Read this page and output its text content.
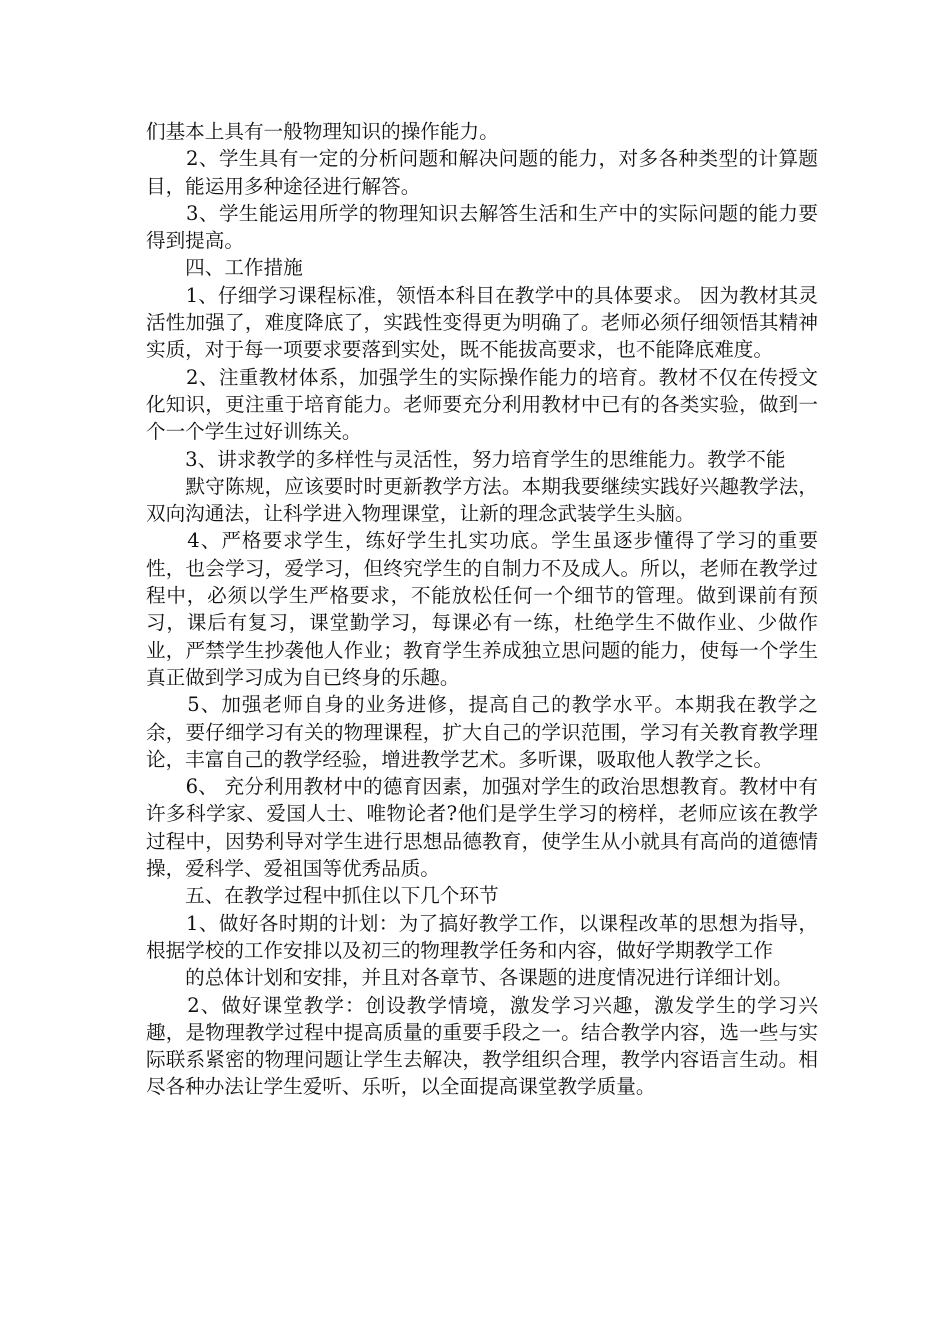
们基本上具有一般物理知识的操作能力。

　　2、学生具有一定的分析问题和解决问题的能力，对多各种类型的计算题目，能运用多种途径进行解答。

　　3、学生能运用所学的物理知识去解答生活和生产中的实际问题的能力要得到提高。

　　四、工作措施

　　1、仔细学习课程标准，领悟本科目在教学中的具体要求。 因为教材其灵活性加强了，难度降底了，实践性变得更为明确了。老师必须仔细领悟其精神实质，对于每一项要求要落到实处，既不能拔高要求，也不能降底难度。

　　2、注重教材体系，加强学生的实际操作能力的培育。教材不仅在传授文化知识，更注重于培育能力。老师要充分利用教材中已有的各类实验，做到一个一个学生过好训练关。

　　3、讲求教学的多样性与灵活性，努力培育学生的思维能力。教学不能

　　默守陈规，应该要时时更新教学方法。本期我要继续实践好兴趣教学法，双向沟通法，让科学进入物理课堂，让新的理念武装学生头脑。

　　4、严格要求学生，练好学生扎实功底。学生虽逐步懂得了学习的重要性，也会学习，爱学习，但终究学生的自制力不及成人。所以，老师在教学过程中，必须以学生严格要求，不能放松任何一个细节的管理。做到课前有预习，课后有复习，课堂勤学习，每课必有一练，杜绝学生不做作业、少做作业，严禁学生抄袭他人作业；教育学生养成独立思问题的能力，使每一个学生真正做到学习成为自已终身的乐趣。

　　5、加强老师自身的业务进修，提高自己的教学水平。本期我在教学之余，要仔细学习有关的物理课程，扩大自己的学识范围，学习有关教育教学理论，丰富自己的教学经验，增进教学艺术。多听课，吸取他人教学之长。

　　6、 充分利用教材中的德育因素，加强对学生的政治思想教育。教材中有许多科学家、爱国人士、唯物论者?他们是学生学习的榜样，老师应该在教学过程中，因势利导对学生进行思想品德教育，使学生从小就具有高尚的道德情操，爱科学、爱祖国等优秀品质。

　　五、在教学过程中抓住以下几个环节

　　1、做好各时期的计划：为了搞好教学工作，以课程改革的思想为指导，根据学校的工作安排以及初三的物理教学任务和内容，做好学期教学工作

　　的总体计划和安排，并且对各章节、各课题的进度情况进行详细计划。

　　2、做好课堂教学：创设教学情境，激发学习兴趣，激发学生的学习兴趣，是物理教学过程中提高质量的重要手段之一。结合教学内容，选一些与实际联系紧密的物理问题让学生去解决，教学组织合理，教学内容语言生动。相尽各种办法让学生爱听、乐听，以全面提高课堂教学质量。
